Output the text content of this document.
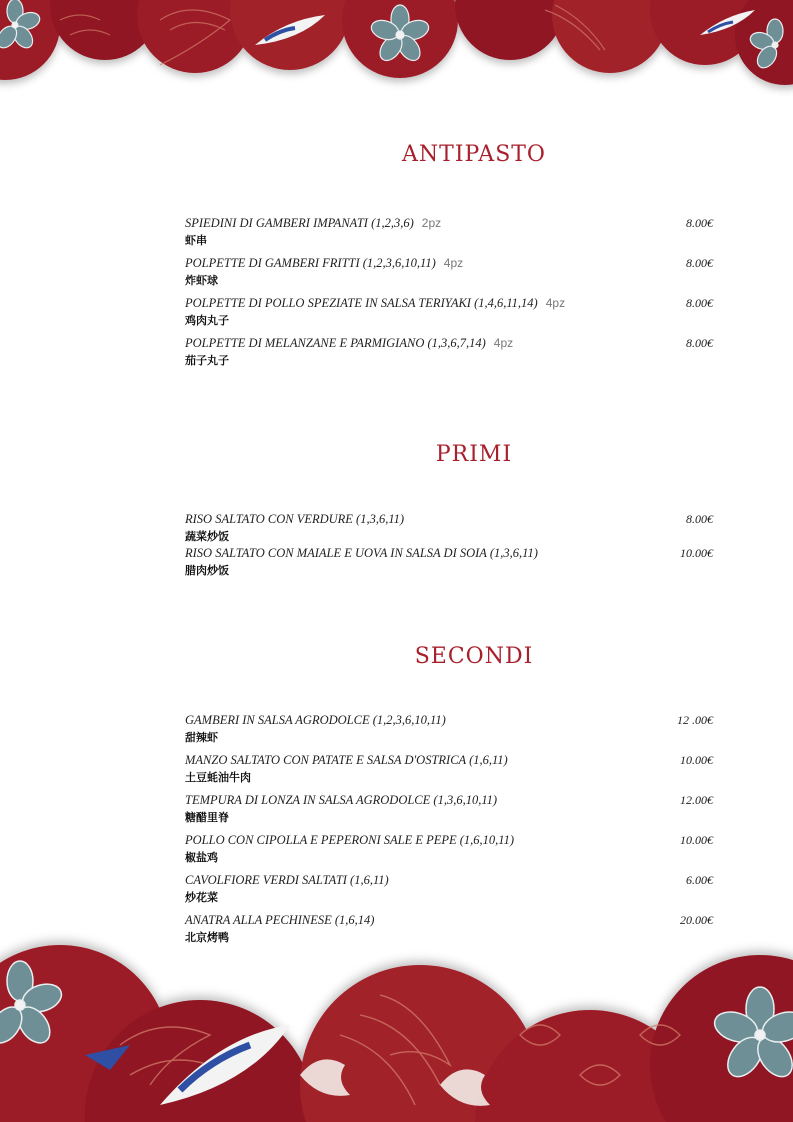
ANTIPASTO
SPIEDINI DI GAMBERI IMPANATI (1,2,3,6) 2pz	8.00€
虾串
POLPETTE DI GAMBERI FRITTI (1,2,3,6,10,11) 4pz	8.00€
炸虾球
POLPETTE DI POLLO SPEZIATE IN SALSA TERIYAKI (1,4,6,11,14) 4pz	8.00€
鸡肉丸子
POLPETTE DI MELANZANE E PARMIGIANO (1,3,6,7,14) 4pz	8.00€
茄子丸子
PRIMI
RISO SALTATO CON VERDURE (1,3,6,11)	8.00€
蔬菜炒饭
RISO SALTATO CON MAIALE E UOVA IN SALSA DI SOIA (1,3,6,11)	10.00€
腊肉炒饭
SECONDI
GAMBERI IN SALSA AGRODOLCE (1,2,3,6,10,11)	12 .00€
甜辣虾
MANZO SALTATO CON PATATE E SALSA D'OSTRICA (1,6,11)	10.00€
土豆蚝油牛肉
TEMPURA DI LONZA IN SALSA AGRODOLCE (1,3,6,10,11)	12.00€
糖醋里脊
POLLO CON CIPOLLA E PEPERONI SALE E PEPE (1,6,10,11)	10.00€
椒盐鸡
CAVOLFIORE VERDI SALTATI (1,6,11)	6.00€
炒花菜
ANATRA ALLA PECHINESE (1,6,14)	20.00€
北京烤鸭
